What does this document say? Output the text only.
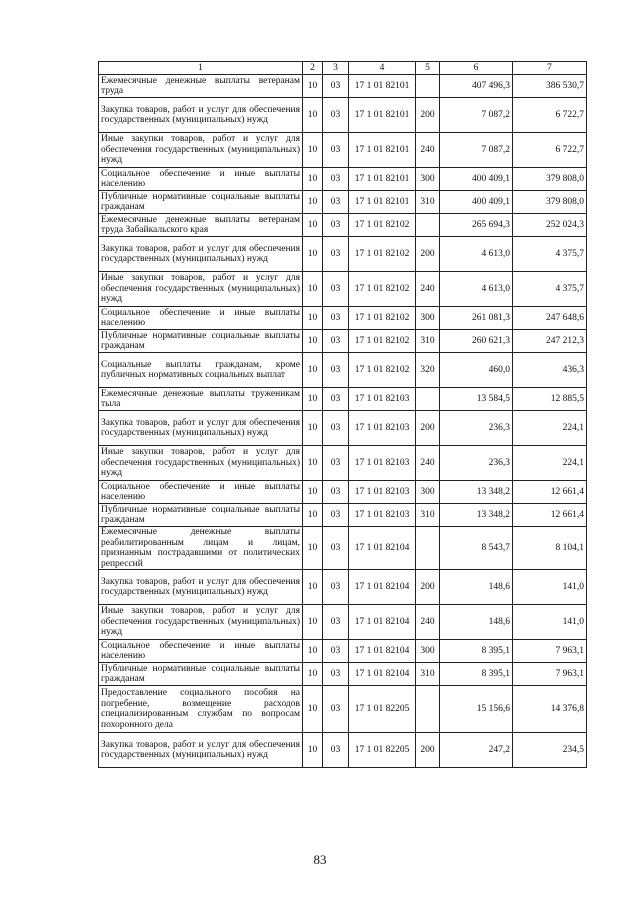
1	2	3	4	5	6	7
Ежемесячные денежные выплаты ветеранам труда	10	03	17 1 01 82101		407 496,3	386 530,7
Закупка товаров, работ и услуг для обеспечения государственных (муниципальных) нужд	10	03	17 1 01 82101	200	7 087,2	6 722,7
Иные закупки товаров, работ и услуг для обеспечения государственных (муниципальных) нужд	10	03	17 1 01 82101	240	7 087,2	6 722,7
Социальное обеспечение и иные выплаты населению	10	03	17 1 01 82101	300	400 409,1	379 808,0
Публичные нормативные социальные выплаты гражданам	10	03	17 1 01 82101	310	400 409,1	379 808,0
Ежемесячные денежные выплаты ветеранам труда Забайкальского края	10	03	17 1 01 82102		265 694,3	252 024,3
Закупка товаров, работ и услуг для обеспечения государственных (муниципальных) нужд	10	03	17 1 01 82102	200	4 613,0	4 375,7
Иные закупки товаров, работ и услуг для обеспечения государственных (муниципальных) нужд	10	03	17 1 01 82102	240	4 613,0	4 375,7
Социальное обеспечение и иные выплаты населению	10	03	17 1 01 82102	300	261 081,3	247 648,6
Публичные нормативные социальные выплаты гражданам	10	03	17 1 01 82102	310	260 621,3	247 212,3
Социальные выплаты гражданам, кроме публичных нормативных социальных выплат	10	03	17 1 01 82102	320	460,0	436,3
Ежемесячные денежные выплаты труженикам тыла	10	03	17 1 01 82103		13 584,5	12 885,5
Закупка товаров, работ и услуг для обеспечения государственных (муниципальных) нужд	10	03	17 1 01 82103	200	236,3	224,1
Иные закупки товаров, работ и услуг для обеспечения государственных (муниципальных) нужд	10	03	17 1 01 82103	240	236,3	224,1
Социальное обеспечение и иные выплаты населению	10	03	17 1 01 82103	300	13 348,2	12 661,4
Публичные нормативные социальные выплаты гражданам	10	03	17 1 01 82103	310	13 348,2	12 661,4
Ежемесячные денежные выплаты реабилитированным лицам и лицам, признанным пострадавшими от политических репрессий	10	03	17 1 01 82104		8 543,7	8 104,1
Закупка товаров, работ и услуг для обеспечения государственных (муниципальных) нужд	10	03	17 1 01 82104	200	148,6	141,0
Иные закупки товаров, работ и услуг для обеспечения государственных (муниципальных) нужд	10	03	17 1 01 82104	240	148,6	141,0
Социальное обеспечение и иные выплаты населению	10	03	17 1 01 82104	300	8 395,1	7 963,1
Публичные нормативные социальные выплаты гражданам	10	03	17 1 01 82104	310	8 395,1	7 963,1
Предоставление социального пособия на погребение, возмещение расходов специализированным службам по вопросам похоронного дела	10	03	17 1 01 82205		15 156,6	14 376,8
Закупка товаров, работ и услуг для обеспечения государственных (муниципальных) нужд	10	03	17 1 01 82205	200	247,2	234,5
83
